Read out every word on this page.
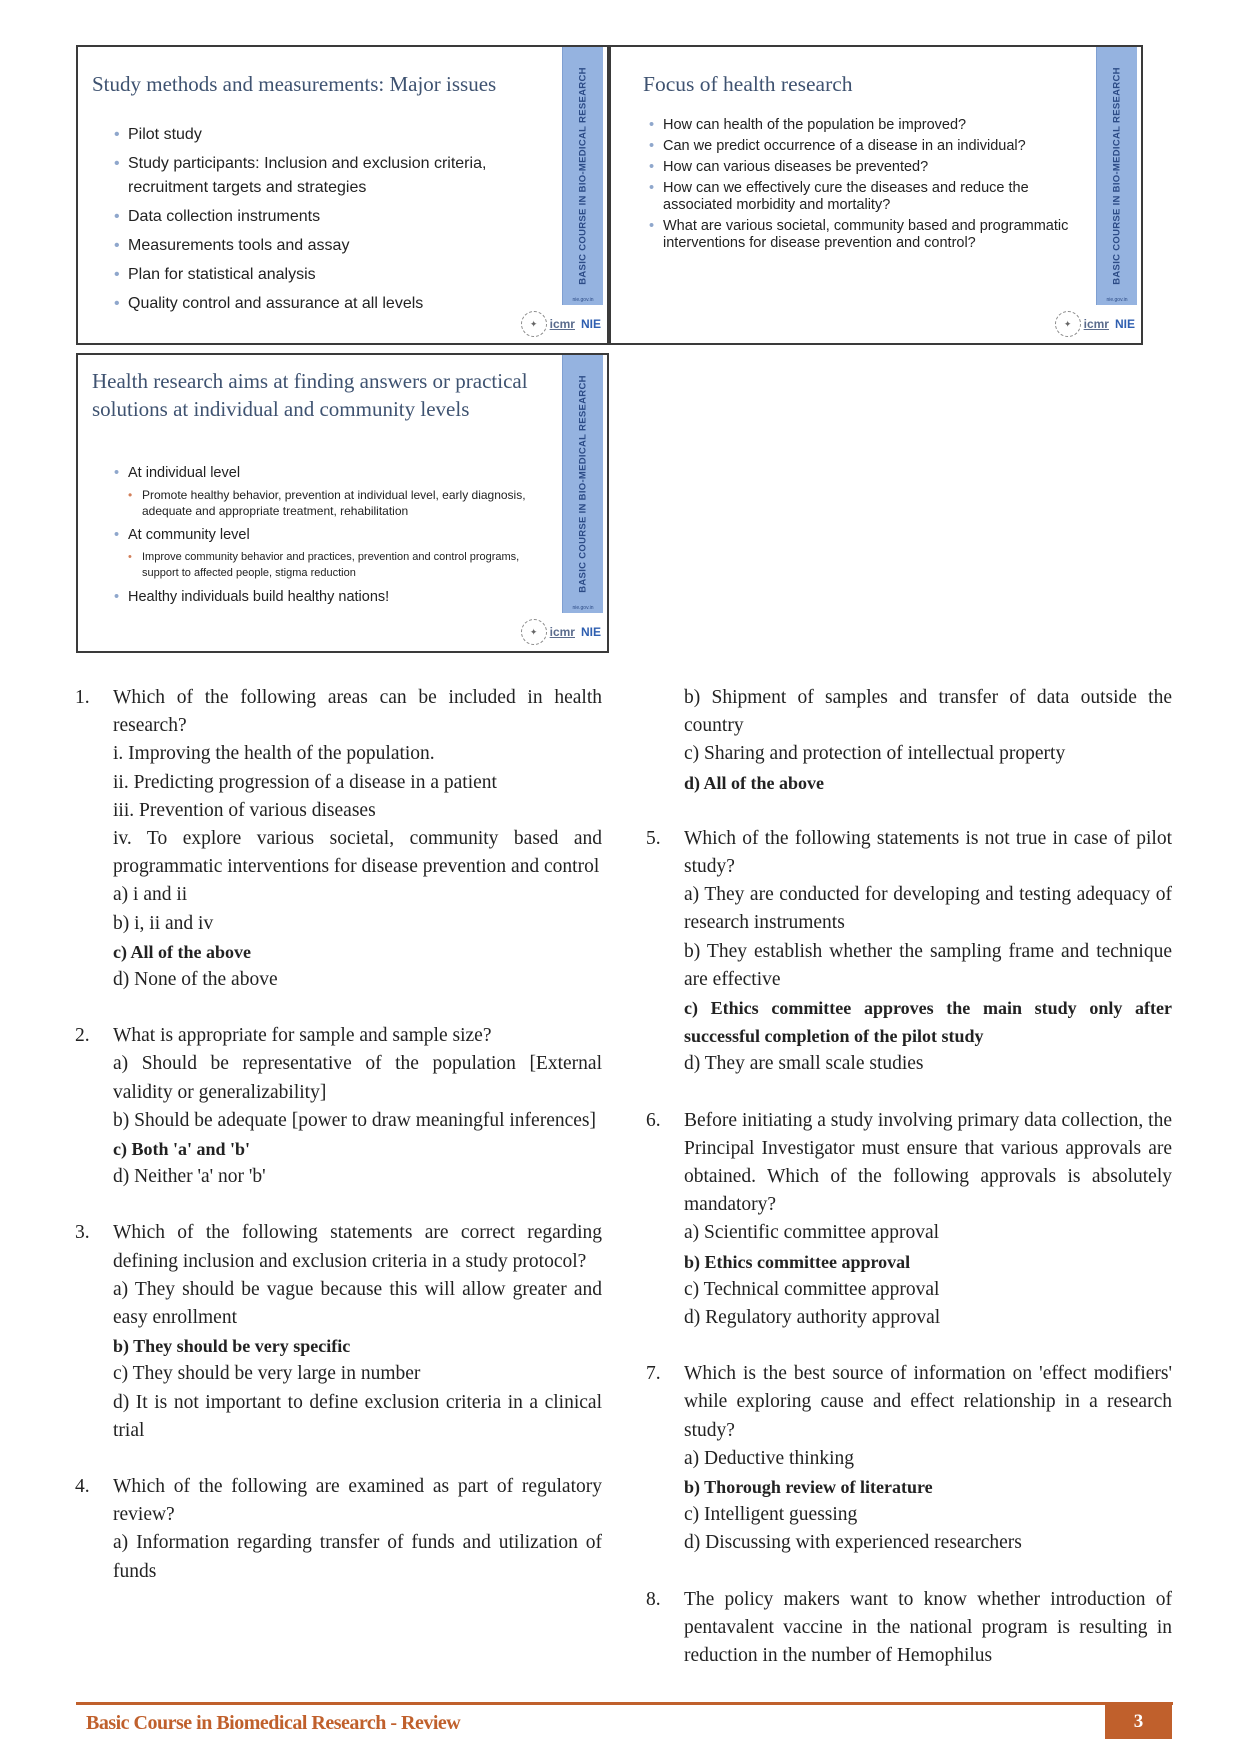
Study methods and measurements: Major issues
• Pilot study
• Study participants: Inclusion and exclusion criteria, recruitment targets and strategies
• Data collection instruments
• Measurements tools and assay
• Plan for statistical analysis
• Quality control and assurance at all levels
BASIC COURSE IN BIO-MEDICAL RESEARCH
nie.gov.in
✦	icmr NIE
Focus of health research
• How can health of the population be improved?
• Can we predict occurrence of a disease in an individual?
• How can various diseases be prevented?
• How can we effectively cure the diseases and reduce the associated morbidity and mortality?
• What are various societal, community based and programmatic interventions for disease prevention and control?	BASIC COURSE IN BIO-MEDICAL RESEARCH
nie.gov.in
✦	icmr NIE
Health research aims at finding answers or practical solutions at individual and community levels
• At individual level
• Promote healthy behavior, prevention at individual level, early diagnosis, adequate and appropriate treatment, rehabilitation
• At community level
• Improve community behavior and practices, prevention and control programs, support to affected people, stigma reduction
• Healthy individuals build healthy nations!
BASIC COURSE IN BIO-MEDICAL RESEARCH
nie.gov.in
✦	icmr NIE
1. Which of the following areas can be included in health research?
i. Improving the health of the population.
ii. Predicting progression of a disease in a patient
iii. Prevention of various diseases
iv. To explore various societal, community based and programmatic interventions for disease prevention and control
a) i and ii
b) i, ii and iv
c) All of the above
d) None of the above
2. What is appropriate for sample and sample size?
a) Should be representative of the population [External validity or generalizability]
b) Should be adequate [power to draw meaningful inferences]
c) Both 'a' and 'b'
d) Neither 'a' nor 'b'
3. Which of the following statements are correct regarding defining inclusion and exclusion criteria in a study protocol?
a) They should be vague because this will allow greater and easy enrollment
b) They should be very specific
c) They should be very large in number
d) It is not important to define exclusion criteria in a clinical trial
4. Which of the following are examined as part of regulatory review?
a) Information regarding transfer of funds and utilization of funds
b) Shipment of samples and transfer of data outside the country
c) Sharing and protection of intellectual property
d) All of the above
5. Which of the following statements is not true in case of pilot study?
a) They are conducted for developing and testing adequacy of research instruments
b) They establish whether the sampling frame and technique are effective
c) Ethics committee approves the main study only after successful completion of the pilot study
d) They are small scale studies
6. Before initiating a study involving primary data collection, the Principal Investigator must ensure that various approvals are obtained. Which of the following approvals is absolutely mandatory?
a) Scientific committee approval
b) Ethics committee approval
c) Technical committee approval
d) Regulatory authority approval
7. Which is the best source of information on 'effect modifiers' while exploring cause and effect relationship in a research study?
a) Deductive thinking
b) Thorough review of literature
c) Intelligent guessing
d) Discussing with experienced researchers
8. The policy makers want to know whether introduction of pentavalent vaccine in the national program is resulting in reduction in the number of Hemophilus
Basic Course in Biomedical Research - Review	3
